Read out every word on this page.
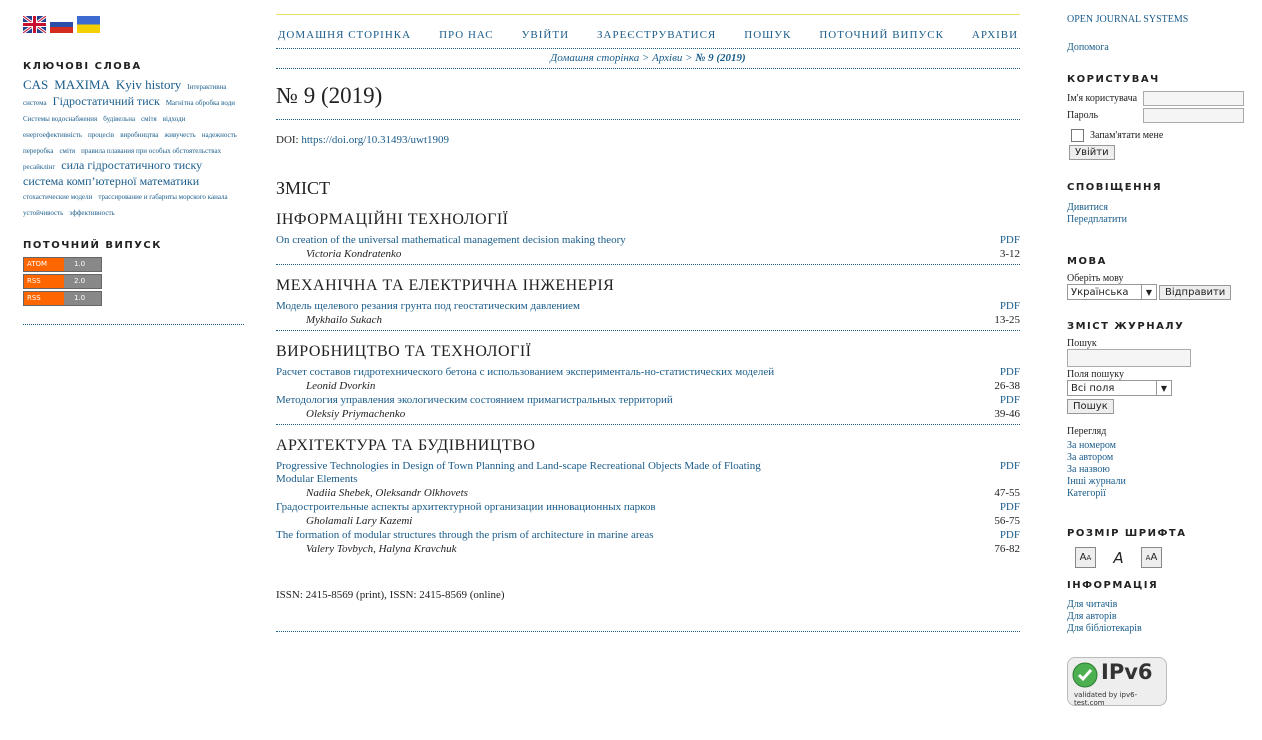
КЛЮЧОВІ СЛОВА

CAS MAXIMA Kyiv history Інтерактивна система Гідростатичний тиск Магнітна обробка води Системы водоснабжения будівельна смітя відходи енергоефективність процесів виробництва живучесть надежность переробка смітя правила плавания при особых обстоятельствах ресайклінг сила гідростатичного тиску система комп’ютерної математики стохастические модели трассирование и габариты морского канала устойчивость эффективность

ПОТОЧНИЙ ВИПУСК

ATOM	1.0
RSS	2.0
RSS	1.0
ДОМАШНЯ СТОРІНКА	ПРО НАС	УВІЙТИ	ЗАРЕЄСТРУВАТИСЯ	ПОШУК	ПОТОЧНИЙ ВИПУСК	АРХІВИ
Домашня сторінка > Архіви > № 9 (2019)
№ 9 (2019)
DOI: https://doi.org/10.31493/uwt1909
ЗМІСТ
ІНФОРМАЦІЙНІ ТЕХНОЛОГІЇ
On creation of the universal mathematical management decision making theory	PDF
Victoria Kondratenko	3-12
МЕХАНІЧНА ТА ЕЛЕКТРИЧНА ІНЖЕНЕРІЯ
Модель щелевого резания грунта под геостатическим давлением	PDF
Mykhailo Sukach	13-25
ВИРОБНИЦТВО ТА ТЕХНОЛОГІЇ
Расчет составов гидротехнического бетона с использованием эксперименталь-но-статистических моделей	PDF
Leonid Dvorkin	26-38
Методология управления экологическим состоянием примагистральных территорий	PDF
Oleksiy Priymachenko	39-46
АРХІТЕКТУРА ТА БУДІВНИЦТВО
Progressive Technologies in Design of Town Planning and Land-scape Recreational Objects Made of Floating Modular Elements
PDF
Nadiia Shebek, Oleksandr Olkhovets	47-55
Градостроительные аспекты архитектурной организации инновационных парков	PDF
Gholamali Lary Kazemi	56-75
The formation of modular structures through the prism of architecture in marine areas	PDF
Valery Tovbych, Halyna Kravchuk	76-82
ISSN: 2415-8569 (print), ISSN: 2415-8569 (online)
OPEN JOURNAL SYSTEMS
Допомога

КОРИСТУВАЧ

Ім'я користувача
Пароль
Запам'ятати мене
Увійти

СПОВІЩЕННЯ

Дивитися
Передплатити

МОВА

Оберіть мову
Українська	▼	Відправити

ЗМІСТ ЖУРНАЛУ

Пошук
Поля пошуку
Всі поля	▼
Пошук
Перегляд
За номером
За автором
За назвою
Інші журнали
Категорії

РОЗМІР ШРИФТА

A A	A	A A

ІНФОРМАЦІЯ

Для читачів
Для авторів
Для бібліотекарів
IPv6
validated by ipv6-test.com
